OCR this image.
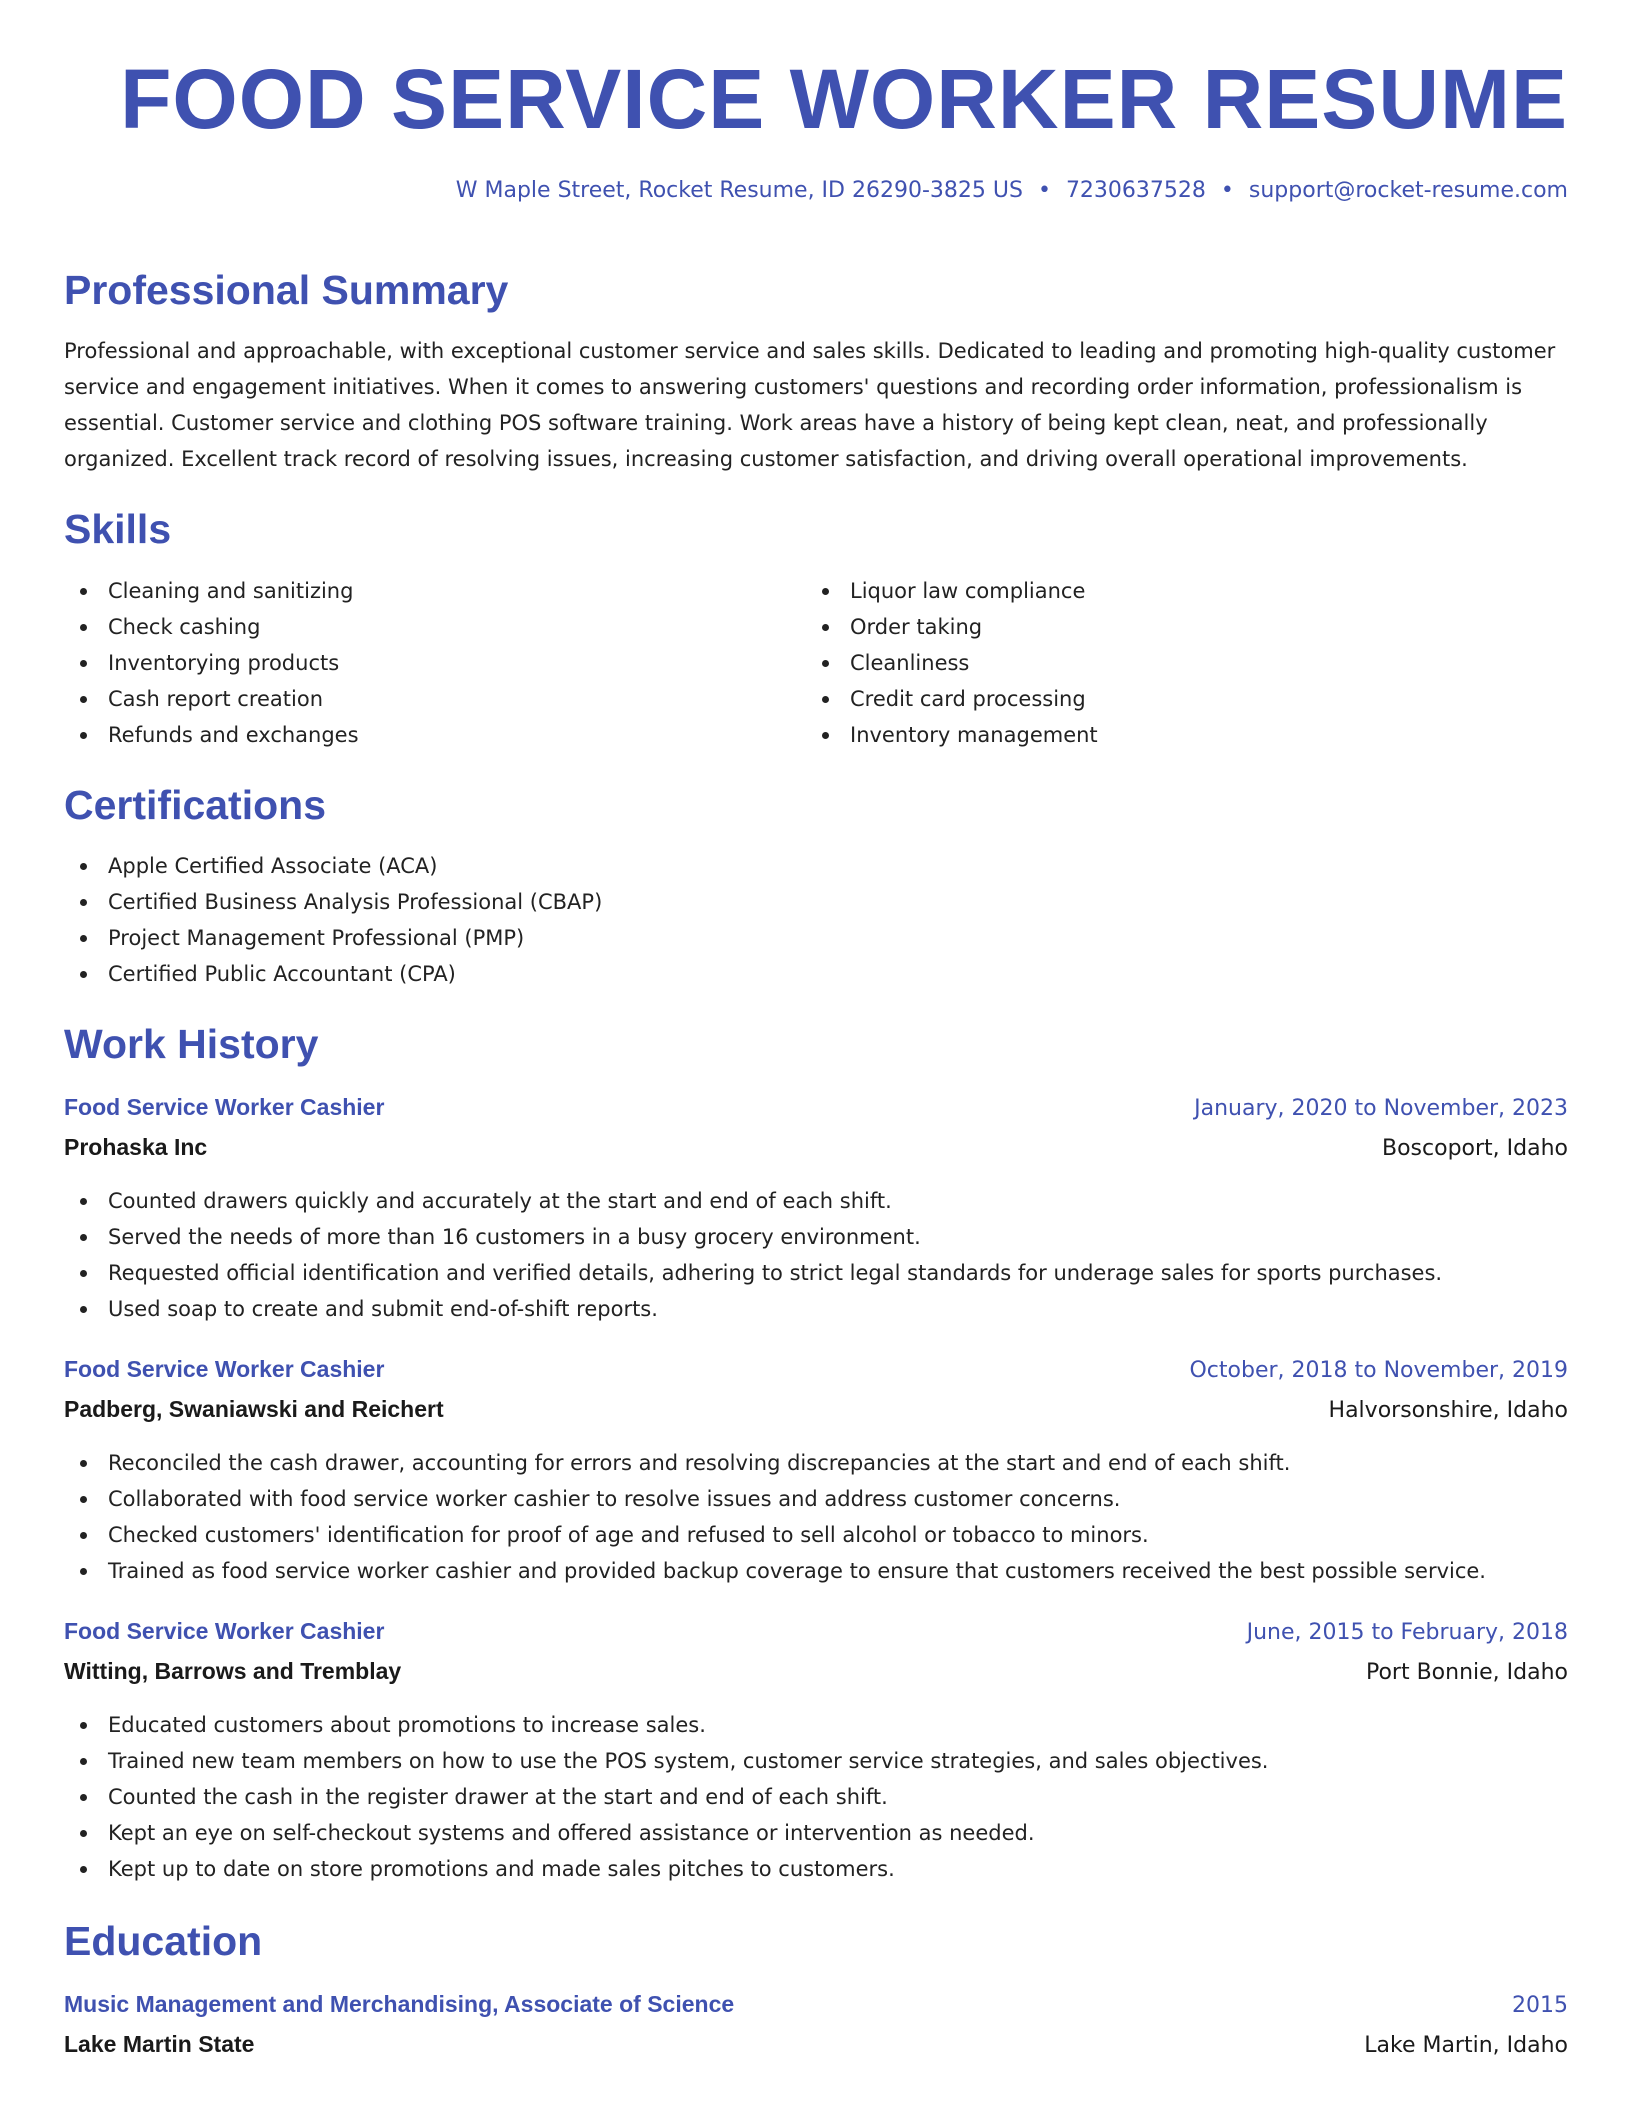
FOOD SERVICE WORKER RESUME
W Maple Street, Rocket Resume, ID 26290-3825 US • 7230637528 • support@rocket-resume.com
Professional Summary

Professional and approachable, with exceptional customer service and sales skills. Dedicated to leading and promoting high-quality customer service and engagement initiatives. When it comes to answering customers' questions and recording order information, professionalism is essential. Customer service and clothing POS software training. Work areas have a history of being kept clean, neat, and professionally organized. Excellent track record of resolving issues, increasing customer satisfaction, and driving overall operational improvements.

Skills
Cleaning and sanitizing
Check cashing
Inventorying products
Cash report creation
Refunds and exchanges
Liquor law compliance
Order taking
Cleanliness
Credit card processing
Inventory management
Certifications
Apple Certified Associate (ACA)
Certified Business Analysis Professional (CBAP)
Project Management Professional (PMP)
Certified Public Accountant (CPA)
Work History
Food Service Worker Cashier	January, 2020 to November, 2023
Prohaska Inc	Boscoport, Idaho
Counted drawers quickly and accurately at the start and end of each shift.
Served the needs of more than 16 customers in a busy grocery environment.
Requested official identification and verified details, adhering to strict legal standards for underage sales for sports purchases.
Used soap to create and submit end-of-shift reports.
Food Service Worker Cashier	October, 2018 to November, 2019
Padberg, Swaniawski and Reichert	Halvorsonshire, Idaho
Reconciled the cash drawer, accounting for errors and resolving discrepancies at the start and end of each shift.
Collaborated with food service worker cashier to resolve issues and address customer concerns.
Checked customers' identification for proof of age and refused to sell alcohol or tobacco to minors.
Trained as food service worker cashier and provided backup coverage to ensure that customers received the best possible service.
Food Service Worker Cashier	June, 2015 to February, 2018
Witting, Barrows and Tremblay	Port Bonnie, Idaho
Educated customers about promotions to increase sales.
Trained new team members on how to use the POS system, customer service strategies, and sales objectives.
Counted the cash in the register drawer at the start and end of each shift.
Kept an eye on self-checkout systems and offered assistance or intervention as needed.
Kept up to date on store promotions and made sales pitches to customers.
Education
Music Management and Merchandising, Associate of Science	2015
Lake Martin State	Lake Martin, Idaho
